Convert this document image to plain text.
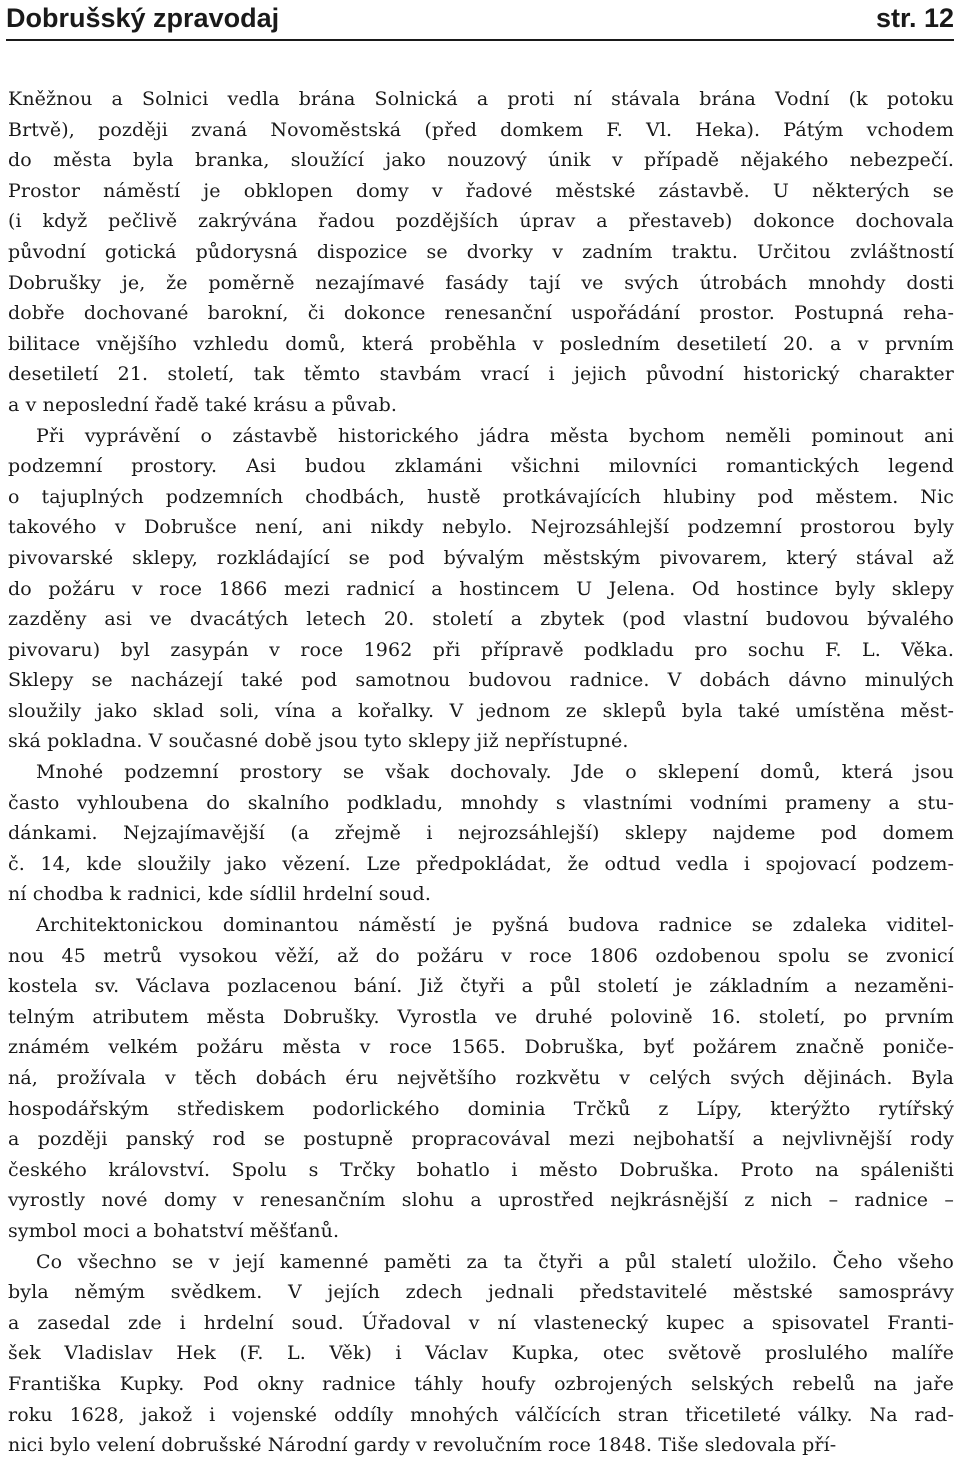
Dobrušský zpravodaj	str. 12

Kněžnou a Solnici vedla brána Solnická a proti ní stávala brána Vodní (k potoku
Brtvě), později zvaná Novoměstská (před domkem F. Vl. Heka). Pátým vchodem
do města byla branka, sloužící jako nouzový únik v případě nějakého nebezpečí.
Prostor náměstí je obklopen domy v řadové městské zástavbě. U některých se
(i když pečlivě zakrývána řadou pozdějších úprav a přestaveb) dokonce dochovala
původní gotická půdorysná dispozice se dvorky v zadním traktu. Určitou zvláštností
Dobrušky je, že poměrně nezajímavé fasády tají ve svých útrobách mnohdy dosti
dobře dochované barokní, či dokonce renesanční uspořádání prostor. Postupná reha-
bilitace vnějšího vzhledu domů, která proběhla v posledním desetiletí 20. a v prvním
desetiletí 21. století, tak těmto stavbám vrací i jejich původní historický charakter
a v neposlední řadě také krásu a půvab.

Při vyprávění o zástavbě historického jádra města bychom neměli pominout ani
podzemní prostory. Asi budou zklamáni všichni milovníci romantických legend
o tajuplných podzemních chodbách, hustě protkávajících hlubiny pod městem. Nic
takového v Dobrušce není, ani nikdy nebylo. Nejrozsáhlejší podzemní prostorou byly
pivovarské sklepy, rozkládající se pod bývalým městským pivovarem, který stával až
do požáru v roce 1866 mezi radnicí a hostincem U Jelena. Od hostince byly sklepy
zazděny asi ve dvacátých letech 20. století a zbytek (pod vlastní budovou bývalého
pivovaru) byl zasypán v roce 1962 při přípravě podkladu pro sochu F. L. Věka.
Sklepy se nacházejí také pod samotnou budovou radnice. V dobách dávno minulých
sloužily jako sklad soli, vína a kořalky. V jednom ze sklepů byla také umístěna měst-
ská pokladna. V současné době jsou tyto sklepy již nepřístupné.

Mnohé podzemní prostory se však dochovaly. Jde o sklepení domů, která jsou
často vyhloubena do skalního podkladu, mnohdy s vlastními vodními prameny a stu-
dánkami. Nejzajímavější (a zřejmě i nejrozsáhlejší) sklepy najdeme pod domem
č. 14, kde sloužily jako vězení. Lze předpokládat, že odtud vedla i spojovací podzem-
ní chodba k radnici, kde sídlil hrdelní soud.

Architektonickou dominantou náměstí je pyšná budova radnice se zdaleka viditel-
nou 45 metrů vysokou věží, až do požáru v roce 1806 ozdobenou spolu se zvonicí
kostela sv. Václava pozlacenou bání. Již čtyři a půl století je základním a nezaměni-
telným atributem města Dobrušky. Vyrostla ve druhé polovině 16. století, po prvním
známém velkém požáru města v roce 1565. Dobruška, byť požárem značně poniče-
ná, prožívala v těch dobách éru největšího rozkvětu v celých svých dějinách. Byla
hospodářským střediskem podorlického dominia Trčků z Lípy, kterýžto rytířský
a později panský rod se postupně propracovával mezi nejbohatší a nejvlivnější rody
českého království. Spolu s Trčky bohatlo i město Dobruška. Proto na spáleništi
vyrostly nové domy v renesančním slohu a uprostřed nejkrásnější z nich – radnice –
symbol moci a bohatství měšťanů.

Co všechno se v její kamenné paměti za ta čtyři a půl staletí uložilo. Čeho všeho
byla němým svědkem. V jejích zdech jednali představitelé městské samosprávy
a zasedal zde i hrdelní soud. Úřadoval v ní vlastenecký kupec a spisovatel Franti-
šek Vladislav Hek (F. L. Věk) i Václav Kupka, otec světově proslulého malíře
Františka Kupky. Pod okny radnice táhly houfy ozbrojených selských rebelů na jaře
roku 1628, jakož i vojenské oddíly mnohých válčících stran třicetileté války. Na rad-
nici bylo velení dobrušské Národní gardy v revolučním roce 1848. Tiše sledovala pří-
